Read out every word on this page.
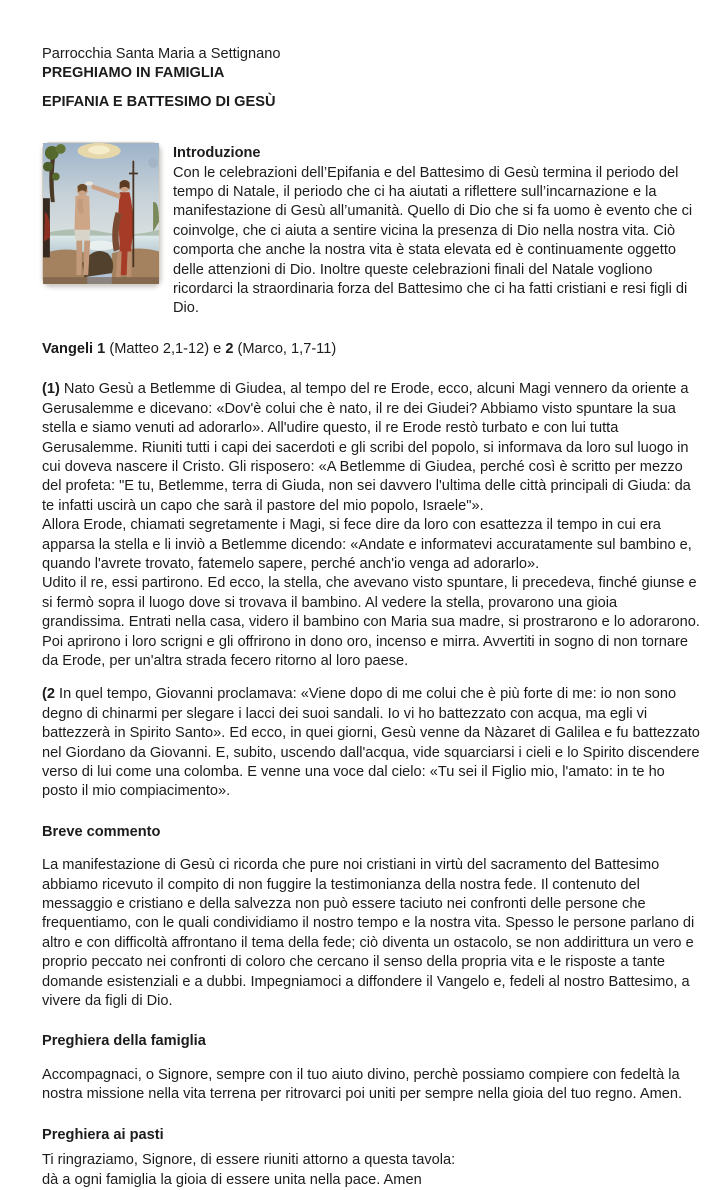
Parrocchia Santa Maria a Settignano
PREGHIAMO IN FAMIGLIA
EPIFANIA E BATTESIMO DI GESÙ
Introduzione
Con le celebrazioni dell’Epifania e del Battesimo di Gesù termina il periodo del tempo di Natale, il periodo che ci ha aiutati a riflettere sull’incarnazione e la manifestazione di Gesù all’umanità. Quello di Dio che si fa uomo è evento che ci coinvolge, che ci aiuta a sentire vicina la presenza di Dio nella nostra vita. Ciò comporta che anche la nostra vita è stata elevata ed è continuamente oggetto delle attenzioni di Dio. Inoltre queste celebrazioni finali del Natale vogliono ricordarci la straordinaria forza del Battesimo che ci ha fatti cristiani e resi figli di Dio.
Vangeli 1 (Matteo 2,1-12) e 2 (Marco, 1,7-11)
(1) Nato Gesù a Betlemme di Giudea, al tempo del re Erode, ecco, alcuni Magi vennero da oriente a Gerusalemme e dicevano: «Dov'è colui che è nato, il re dei Giudei? Abbiamo visto spuntare la sua stella e siamo venuti ad adorarlo». All'udire questo, il re Erode restò turbato e con lui tutta Gerusalemme. Riuniti tutti i capi dei sacerdoti e gli scribi del popolo, si informava da loro sul luogo in cui doveva nascere il Cristo. Gli risposero: «A Betlemme di Giudea, perché così è scritto per mezzo del profeta: "E tu, Betlemme, terra di Giuda, non sei davvero l'ultima delle città principali di Giuda: da te infatti uscirà un capo che sarà il pastore del mio popolo, Israele"».
Allora Erode, chiamati segretamente i Magi, si fece dire da loro con esattezza il tempo in cui era apparsa la stella e li inviò a Betlemme dicendo: «Andate e informatevi accuratamente sul bambino e, quando l'avrete trovato, fatemelo sapere, perché anch'io venga ad adorarlo».
Udito il re, essi partirono. Ed ecco, la stella, che avevano visto spuntare, li precedeva, finché giunse e si fermò sopra il luogo dove si trovava il bambino. Al vedere la stella, provarono una gioia grandissima. Entrati nella casa, videro il bambino con Maria sua madre, si prostrarono e lo adorarono. Poi aprirono i loro scrigni e gli offrirono in dono oro, incenso e mirra. Avvertiti in sogno di non tornare da Erode, per un'altra strada fecero ritorno al loro paese.
(2 In quel tempo, Giovanni proclamava: «Viene dopo di me colui che è più forte di me: io non sono degno di chinarmi per slegare i lacci dei suoi sandali. Io vi ho battezzato con acqua, ma egli vi battezzerà in Spirito Santo». Ed ecco, in quei giorni, Gesù venne da Nàzaret di Galilea e fu battezzato nel Giordano da Giovanni. E, subito, uscendo dall'acqua, vide squarciarsi i cieli e lo Spirito discendere verso di lui come una colomba. E venne una voce dal cielo: «Tu sei il Figlio mio, l'amato: in te ho posto il mio compiacimento».
Breve commento
La manifestazione di Gesù ci ricorda che pure noi cristiani in virtù del sacramento del Battesimo abbiamo ricevuto il compito di non fuggire la testimonianza della nostra fede. Il contenuto del messaggio e cristiano e della salvezza non può essere taciuto nei confronti delle persone che frequentiamo, con le quali condividiamo il nostro tempo e la nostra vita. Spesso le persone parlano di altro e con difficoltà affrontano il tema della fede; ciò diventa un ostacolo, se non addirittura un vero e proprio peccato nei confronti di coloro che cercano il senso della propria vita e le risposte a tante domande esistenziali e a dubbi. Impegniamoci a diffondere il Vangelo e, fedeli al nostro Battesimo, a vivere da figli di Dio.
Preghiera della famiglia
Accompagnaci, o Signore, sempre con il tuo aiuto divino, perchè possiamo compiere con fedeltà la nostra missione nella vita terrena per ritrovarci poi uniti per sempre nella gioia del tuo regno. Amen.
Preghiera ai pasti
Ti ringraziamo, Signore, di essere riuniti attorno a questa tavola:
dà a ogni famiglia la gioia di essere unita nella pace. Amen
